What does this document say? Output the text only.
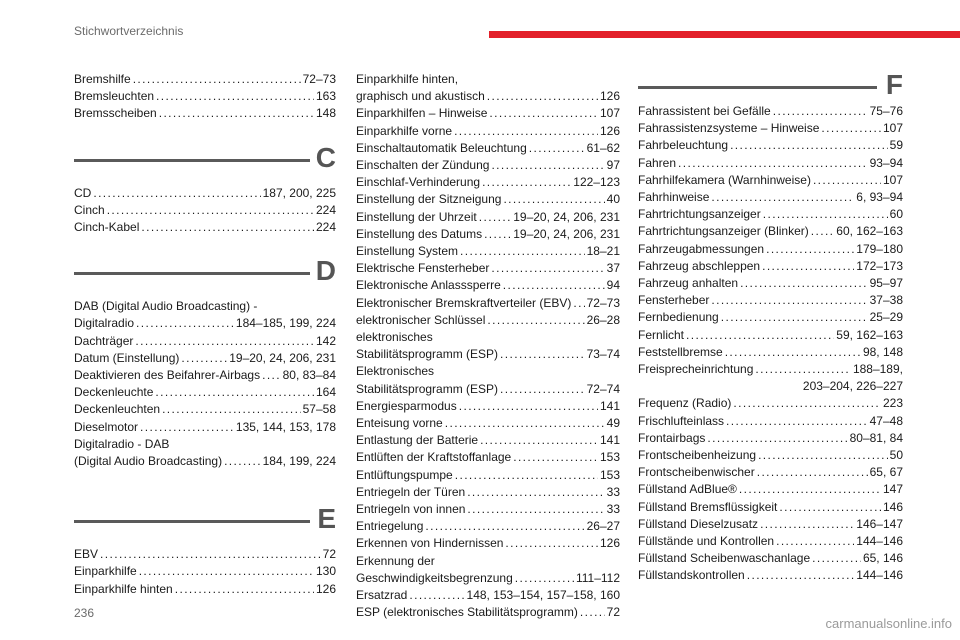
Stichwortverzeichnis
Bremshilfe .....	72–73
Bremsleuchten .....	163
Bremsscheiben .....	148
C
CD .....	187, 200, 225
Cinch .....	224
Cinch-Kabel .....	224
D
DAB (Digital Audio Broadcasting) -
Digitalradio .....	184–185, 199, 224
Dachträger .....	142
Datum (Einstellung) .....	19–20, 24, 206, 231
Deaktivieren des Beifahrer-Airbags ..... 80, 83–84
Deckenleuchte .....	164
Deckenleuchten .....	57–58
Dieselmotor .....	135, 144, 153, 178
Digitalradio - DAB
(Digital Audio Broadcasting) .....	184, 199, 224
E
EBV .....	72
Einparkhilfe .....	130
Einparkhilfe hinten .....	126
Einparkhilfe hinten,
graphisch und akustisch .....	126
Einparkhilfen – Hinweise .....	107
Einparkhilfe vorne .....	126
Einschaltautomatik Beleuchtung .....	61–62
Einschalten der Zündung .....	97
Einschlaf-Verhinderung .....	122–123
Einstellung der Sitzneigung .....	40
Einstellung der Uhrzeit .....	19–20, 24, 206, 231
Einstellung des Datums .....	19–20, 24, 206, 231
Einstellung System .....	18–21
Elektrische Fensterheber .....	37
Elektronische Anlasssperre .....	94
Elektronischer Bremskraftverteiler (EBV) ..... 72–73
elektronischer Schlüssel .....	26–28
elektronisches
Stabilitätsprogramm (ESP) .....	73–74
Elektronisches
Stabilitätsprogramm (ESP) .....	72–74
Energiesparmodus .....	141
Enteisung vorne .....	49
Entlastung der Batterie .....	141
Entlüften der Kraftstoffanlage .....	153
Entlüftungspumpe .....	153
Entriegeln der Türen .....	33
Entriegeln von innen .....	33
Entriegelung .....	26–27
Erkennen von Hindernissen .....	126
Erkennung der
Geschwindigkeitsbegrenzung .....	111–112
Ersatzrad .....	148, 153–154, 157–158, 160
ESP (elektronisches Stabilitätsprogramm) ..... 72
F
Fahrassistent bei Gefälle .....	75–76
Fahrassistenzsysteme – Hinweise .....	107
Fahrbeleuchtung .....	59
Fahren .....	93–94
Fahrhilfekamera (Warnhinweise) .....	107
Fahrhinweise .....	6, 93–94
Fahrtrichtungsanzeiger .....	60
Fahrtrichtungsanzeiger (Blinker) ..... 60, 162–163
Fahrzeugabmessungen .....	179–180
Fahrzeug abschleppen .....	172–173
Fahrzeug anhalten .....	95–97
Fensterheber .....	37–38
Fernbedienung .....	25–29
Fernlicht .....	59, 162–163
Feststellbremse .....	98, 148
Freisprecheinrichtung .....	188–189,
203–204, 226–227
Frequenz (Radio) .....	223
Frischlufteinlass .....	47–48
Frontairbags .....	80–81, 84
Frontscheibenheizung .....	50
Frontscheibenwischer .....	65, 67
Füllstand AdBlue® .....	147
Füllstand Bremsflüssigkeit .....	146
Füllstand Dieselzusatz .....	146–147
Füllstände und Kontrollen .....	144–146
Füllstand Scheibenwaschanlage .....	65, 146
Füllstandskontrollen .....	144–146
236
carmanualsonline.info
